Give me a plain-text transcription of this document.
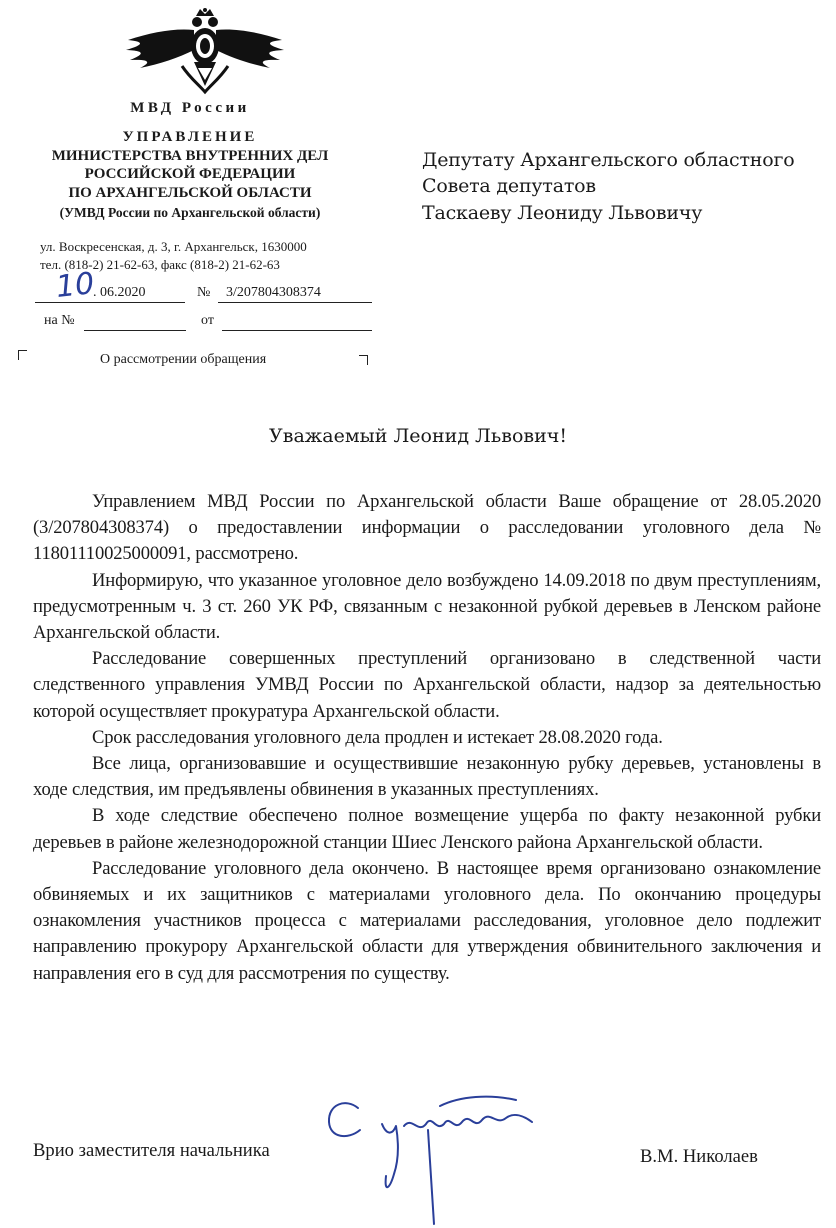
МВД России
УПРАВЛЕНИЕ
МИНИСТЕРСТВА ВНУТРЕННИХ ДЕЛ
РОССИЙСКОЙ ФЕДЕРАЦИИ
ПО АРХАНГЕЛЬСКОЙ ОБЛАСТИ
(УМВД России по Архангельской области)
ул. Воскресенская, д. 3, г. Архангельск, 1630000
тел. (818-2) 21-62-63, факс (818-2) 21-62-63
10
. 06.2020	№ 3/207804308374
на №	от
О рассмотрении обращения
Депутату Архангельского областного
Совета депутатов
Таскаеву Леониду Львовичу
Уважаемый Леонид Львович!

Управлением МВД России по Архангельской области Ваше обращение от 28.05.2020 (3/207804308374) о предоставлении информации о расследовании уголовного дела № 11801110025000091, рассмотрено.

Информирую, что указанное уголовное дело возбуждено 14.09.2018 по двум преступлениям, предусмотренным ч. 3 ст. 260 УК РФ, связанным с незаконной рубкой деревьев в Ленском районе Архангельской области.

Расследование совершенных преступлений организовано в следственной части следственного управления УМВД России по Архангельской области, надзор за деятельностью которой осуществляет прокуратура Архангельской области.

Срок расследования уголовного дела продлен и истекает 28.08.2020 года.

Все лица, организовавшие и осуществившие незаконную рубку деревьев, установлены в ходе следствия, им предъявлены обвинения в указанных преступлениях.

В ходе следствие обеспечено полное возмещение ущерба по факту незаконной рубки деревьев в районе железнодорожной станции Шиес Ленского района Архангельской области.

Расследование уголовного дела окончено. В настоящее время организовано ознакомление обвиняемых и их защитников с материалами уголовного дела. По окончанию процедуры ознакомления участников процесса с материалами расследования, уголовное дело подлежит направлению прокурору Архангельской области для утверждения обвинительного заключения и направления его в суд для рассмотрения по существу.

Врио заместителя начальника	В.М. Николаев
